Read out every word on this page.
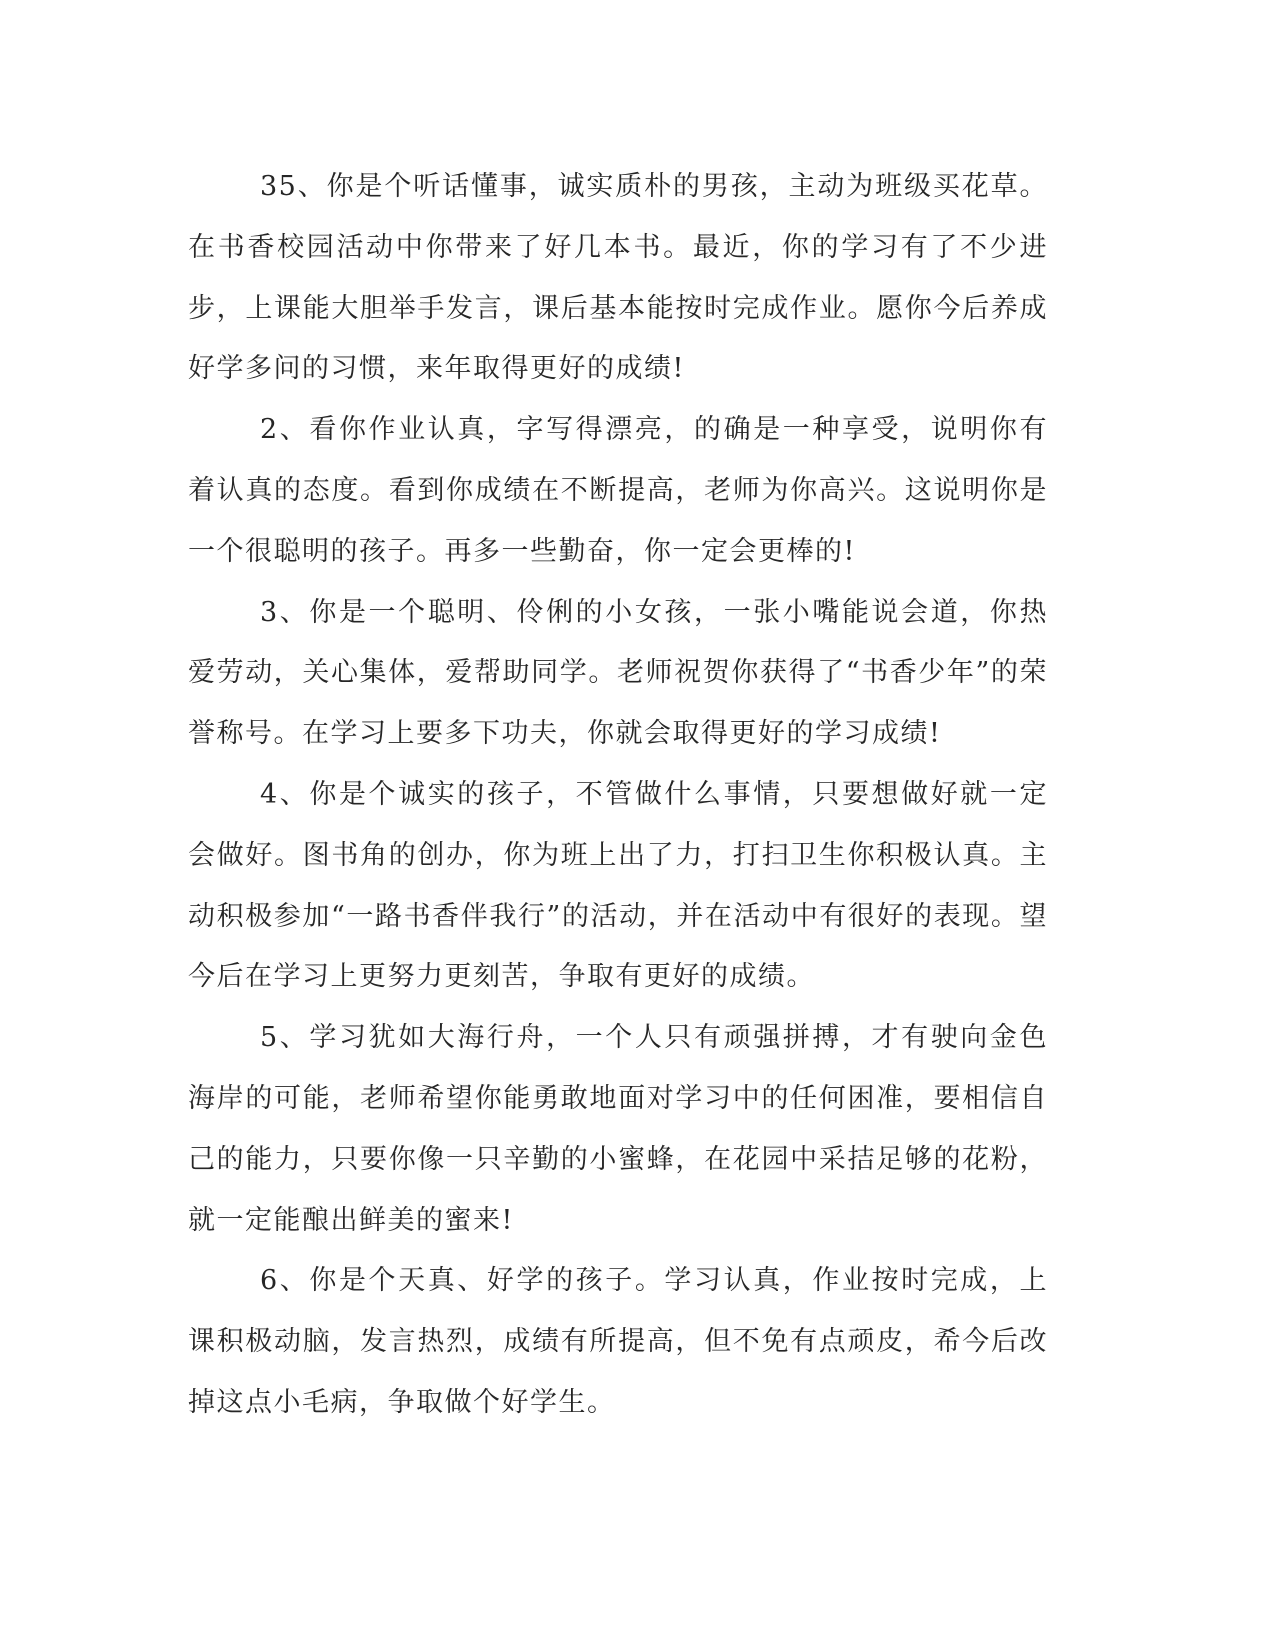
35、你是个听话懂事，诚实质朴的男孩，主动为班级买花草。在书香校园活动中你带来了好几本书。最近，你的学习有了不少进步，上课能大胆举手发言，课后基本能按时完成作业。愿你今后养成好学多问的习惯，来年取得更好的成绩!

2、看你作业认真，字写得漂亮，的确是一种享受，说明你有着认真的态度。看到你成绩在不断提高，老师为你高兴。这说明你是一个很聪明的孩子。再多一些勤奋，你一定会更棒的!

3、你是一个聪明、伶俐的小女孩，一张小嘴能说会道，你热爱劳动，关心集体，爱帮助同学。老师祝贺你获得了“书香少年”的荣誉称号。在学习上要多下功夫，你就会取得更好的学习成绩!

4、你是个诚实的孩子，不管做什么事情，只要想做好就一定会做好。图书角的创办，你为班上出了力，打扫卫生你积极认真。主动积极参加“一路书香伴我行”的活动，并在活动中有很好的表现。望今后在学习上更努力更刻苦，争取有更好的成绩。

5、学习犹如大海行舟，一个人只有顽强拼搏，才有驶向金色海岸的可能，老师希望你能勇敢地面对学习中的任何困准，要相信自己的能力，只要你像一只辛勤的小蜜蜂，在花园中采拮足够的花粉，就一定能酿出鲜美的蜜来!

6、你是个天真、好学的孩子。学习认真，作业按时完成，上课积极动脑，发言热烈，成绩有所提高，但不免有点顽皮，希今后改掉这点小毛病，争取做个好学生。
